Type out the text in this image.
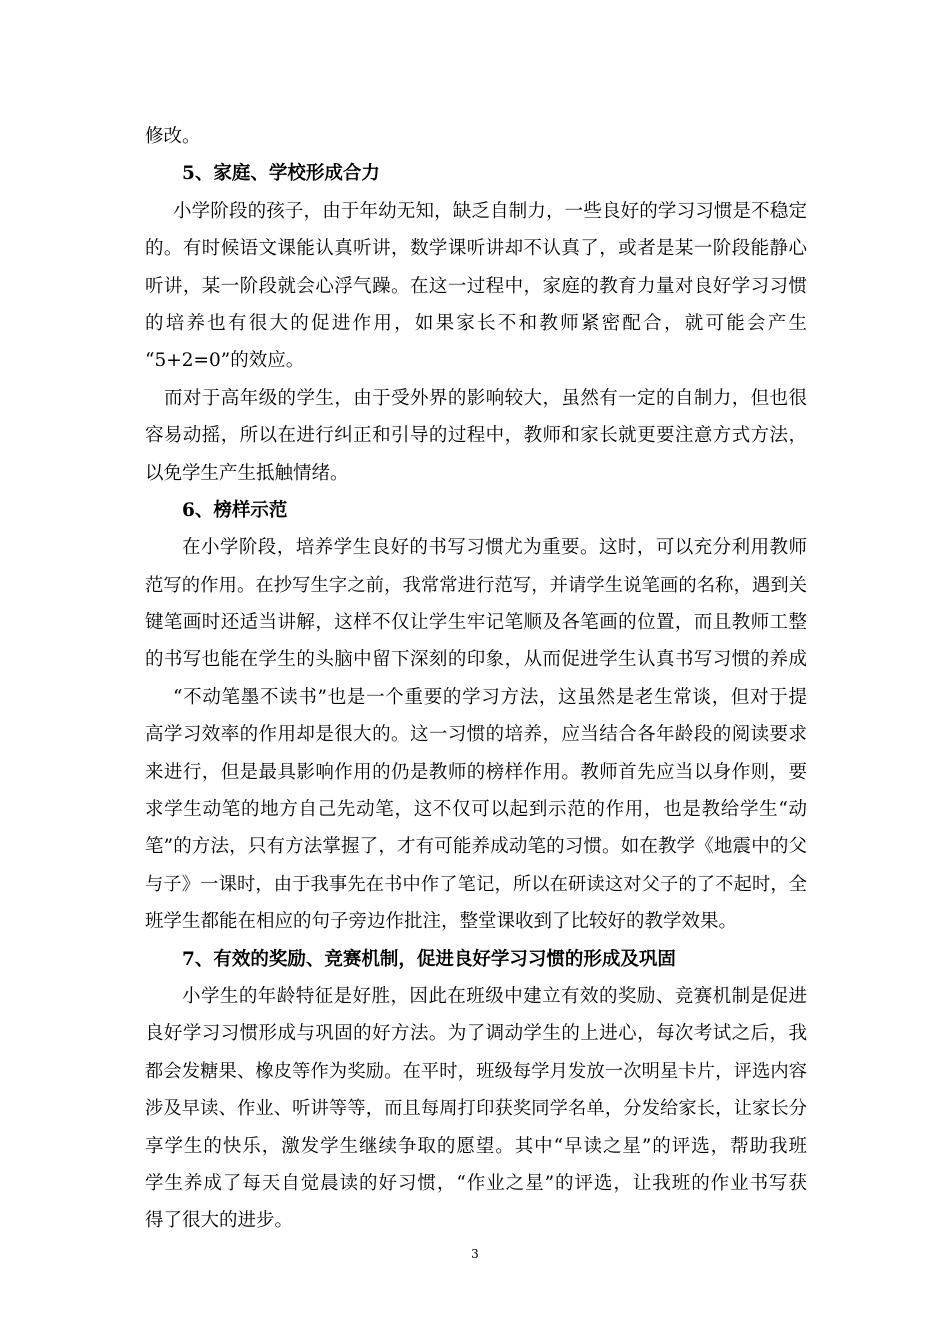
修改。
5、家庭、学校形成合力
小学阶段的孩子，由于年幼无知，缺乏自制力，一些良好的学习习惯是不稳定
的。有时候语文课能认真听讲，数学课听讲却不认真了，或者是某一阶段能静心
听讲，某一阶段就会心浮气躁。在这一过程中，家庭的教育力量对良好学习习惯
的培养也有很大的促进作用，如果家长不和教师紧密配合，就可能会产生
“5+2=0”的效应。
而对于高年级的学生，由于受外界的影响较大，虽然有一定的自制力，但也很
容易动摇，所以在进行纠正和引导的过程中，教师和家长就更要注意方式方法，
以免学生产生抵触情绪。
6、榜样示范
在小学阶段，培养学生良好的书写习惯尤为重要。这时，可以充分利用教师
范写的作用。在抄写生字之前，我常常进行范写，并请学生说笔画的名称，遇到关
键笔画时还适当讲解，这样不仅让学生牢记笔顺及各笔画的位置，而且教师工整
的书写也能在学生的头脑中留下深刻的印象，从而促进学生认真书写习惯的养成
“不动笔墨不读书”也是一个重要的学习方法，这虽然是老生常谈，但对于提
高学习效率的作用却是很大的。这一习惯的培养，应当结合各年龄段的阅读要求
来进行，但是最具影响作用的仍是教师的榜样作用。教师首先应当以身作则，要
求学生动笔的地方自己先动笔，这不仅可以起到示范的作用，也是教给学生“动
笔”的方法，只有方法掌握了，才有可能养成动笔的习惯。如在教学《地震中的父
与子》一课时，由于我事先在书中作了笔记，所以在研读这对父子的了不起时，全
班学生都能在相应的句子旁边作批注，整堂课收到了比较好的教学效果。
7、有效的奖励、竞赛机制，促进良好学习习惯的形成及巩固
小学生的年龄特征是好胜，因此在班级中建立有效的奖励、竞赛机制是促进
良好学习习惯形成与巩固的好方法。为了调动学生的上进心，每次考试之后，我
都会发糖果、橡皮等作为奖励。在平时，班级每学月发放一次明星卡片，评选内容
涉及早读、作业、听讲等等，而且每周打印获奖同学名单，分发给家长，让家长分
享学生的快乐，激发学生继续争取的愿望。其中“早读之星”的评选，帮助我班
学生养成了每天自觉晨读的好习惯，“作业之星”的评选，让我班的作业书写获
得了很大的进步。
3
